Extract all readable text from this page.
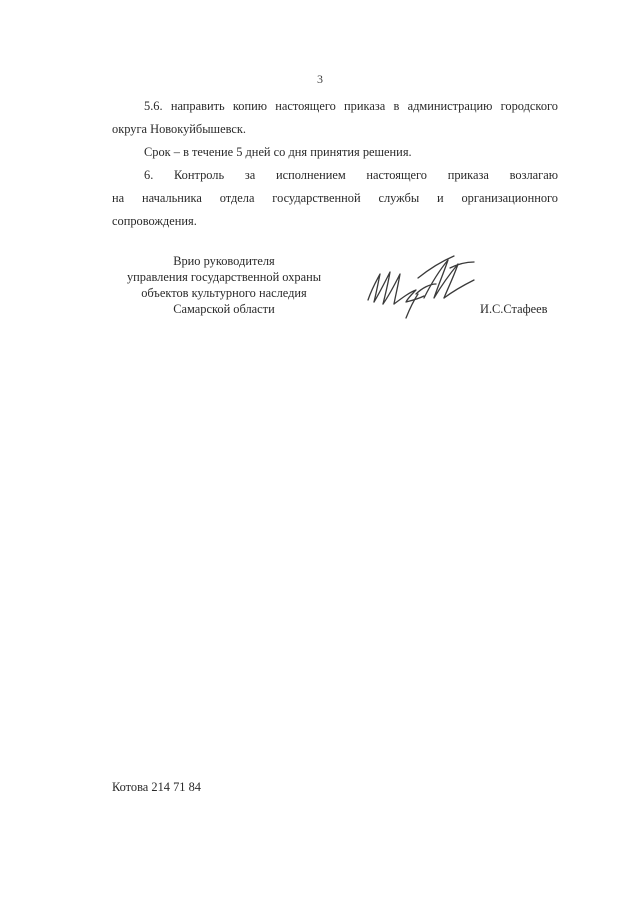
3
5.6. направить копию настоящего приказа в администрацию городского
округа Новокуйбышевск.
Срок – в течение 5 дней со дня принятия решения.
6. Контроль за исполнением настоящего приказа возлагаю
на начальника отдела государственной службы и организационного
сопровождения.
Врио руководителя
управления государственной охраны
объектов культурного наследия
Самарской области	И.С.Стафеев
Котова 214 71 84
